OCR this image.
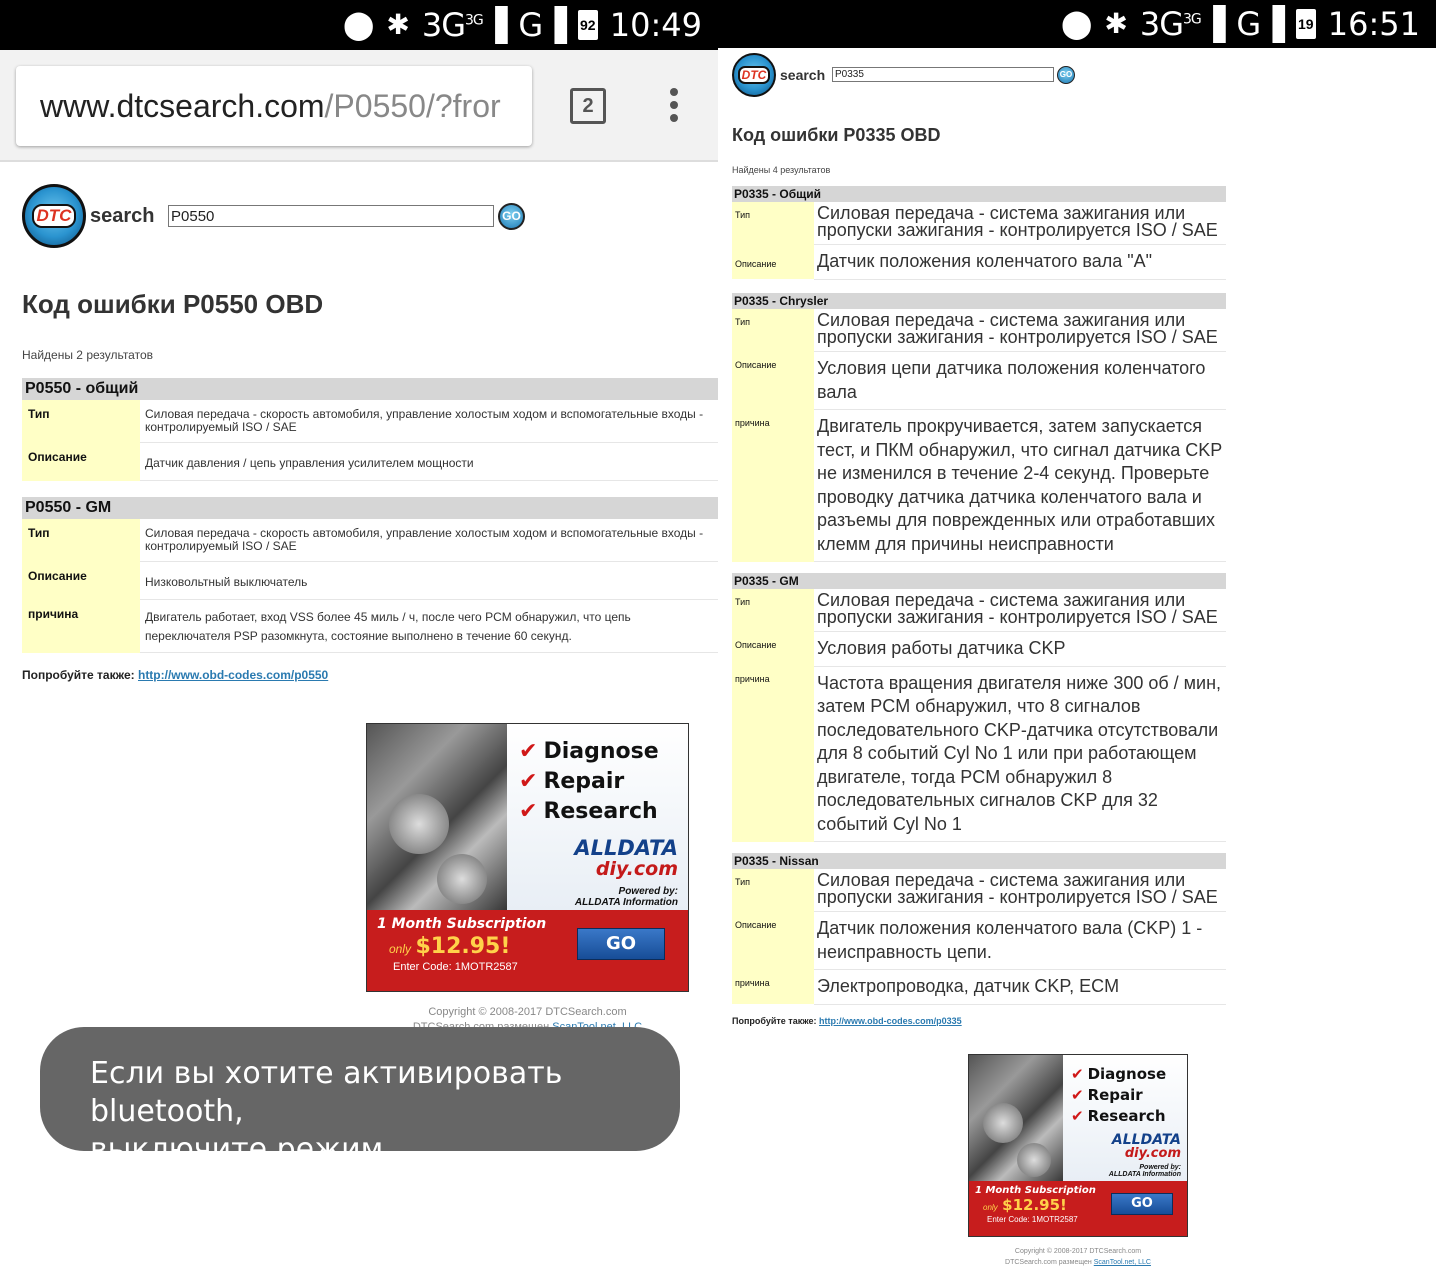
⬤ ✱ $3G^{3G}▐$ G▐ 92 10:49
www.dtcsearch.com/P0550/?fror	2
DTC search
P0550	GO
Код ошибки P0550 OBD
Найдены 2 результатов
P0550 - общий	
Тип	Силовая передача - скорость автомобиля, управление холостым ходом и вспомогательные входы - контролируемый ISO / SAE
Описание	Датчик давления / цепь управления усилителем мощности
P0550 - GM	
Тип	Силовая передача - скорость автомобиля, управление холостым ходом и вспомогательные входы - контролируемый ISO / SAE
Описание	Низковольтный выключатель
причина	Двигатель работает, вход VSS более 45 миль / ч, после чего PCM обнаружил, что цепь переключателя PSP разомкнута, состояние выполнено в течение 60 секунд.
Попробуйте также: http://www.obd-codes.com/p0550
✔ Diagnose
✔ Repair
✔ Research
ALLDATA
diy.com
Powered by:
ALLDATA Information
1 Month Subscription
only $12.95!
Enter Code: 1MOTR2587
GO
Copyright © 2008-2017 DTCSearch.com
Если вы хотите активировать bluetooth,
выключите режим энергосбережения
⬤ ✱ $3G^{3G}▐$ G▐ 19 16:51
DTC search
P0335	GO
Код ошибки P0335 OBD
Найдены 4 результатов
P0335 - Общий	
Тип	Силовая передача - система зажигания или пропуски зажигания - контролируется ISO / SAE
Описание	Датчик положения коленчатого вала "A"
P0335 - Chrysler	
Тип	Силовая передача - система зажигания или пропуски зажигания - контролируется ISO / SAE
Описание	Условия цепи датчика положения коленчатого вала
причина	Двигатель прокручивается, затем запускается тест, и ПКМ обнаружил, что сигнал датчика CKP не изменился в течение 2-4 секунд. Проверьте проводку датчика датчика коленчатого вала и разъемы для поврежденных или отработавших клемм для причины неисправности
P0335 - GM	
Тип	Силовая передача - система зажигания или пропуски зажигания - контролируется ISO / SAE
Описание	Условия работы датчика CKP
причина	Частота вращения двигателя ниже 300 об / мин, затем PCM обнаружил, что 8 сигналов последовательного CKP-датчика отсутствовали для 8 событий Cyl No 1 или при работающем двигателе, тогда PCM обнаружил 8 последовательных сигналов CKP для 32 событий Cyl No 1
P0335 - Nissan	
Тип	Силовая передача - система зажигания или пропуски зажигания - контролируется ISO / SAE
Описание	Датчик положения коленчатого вала (CKP) 1 - неисправность цепи.
причина	Электропроводка, датчик CKP, ECM
Попробуйте также: http://www.obd-codes.com/p0335
✔ Diagnose
✔ Repair
✔ Research
ALLDATA
diy.com
Powered by:
ALLDATA Information
1 Month Subscription
only $12.95!
Enter Code: 1MOTR2587
GO
Copyright © 2008-2017 DTCSearch.com
DTCSearch.com размещен ScanTool.net, LLC
